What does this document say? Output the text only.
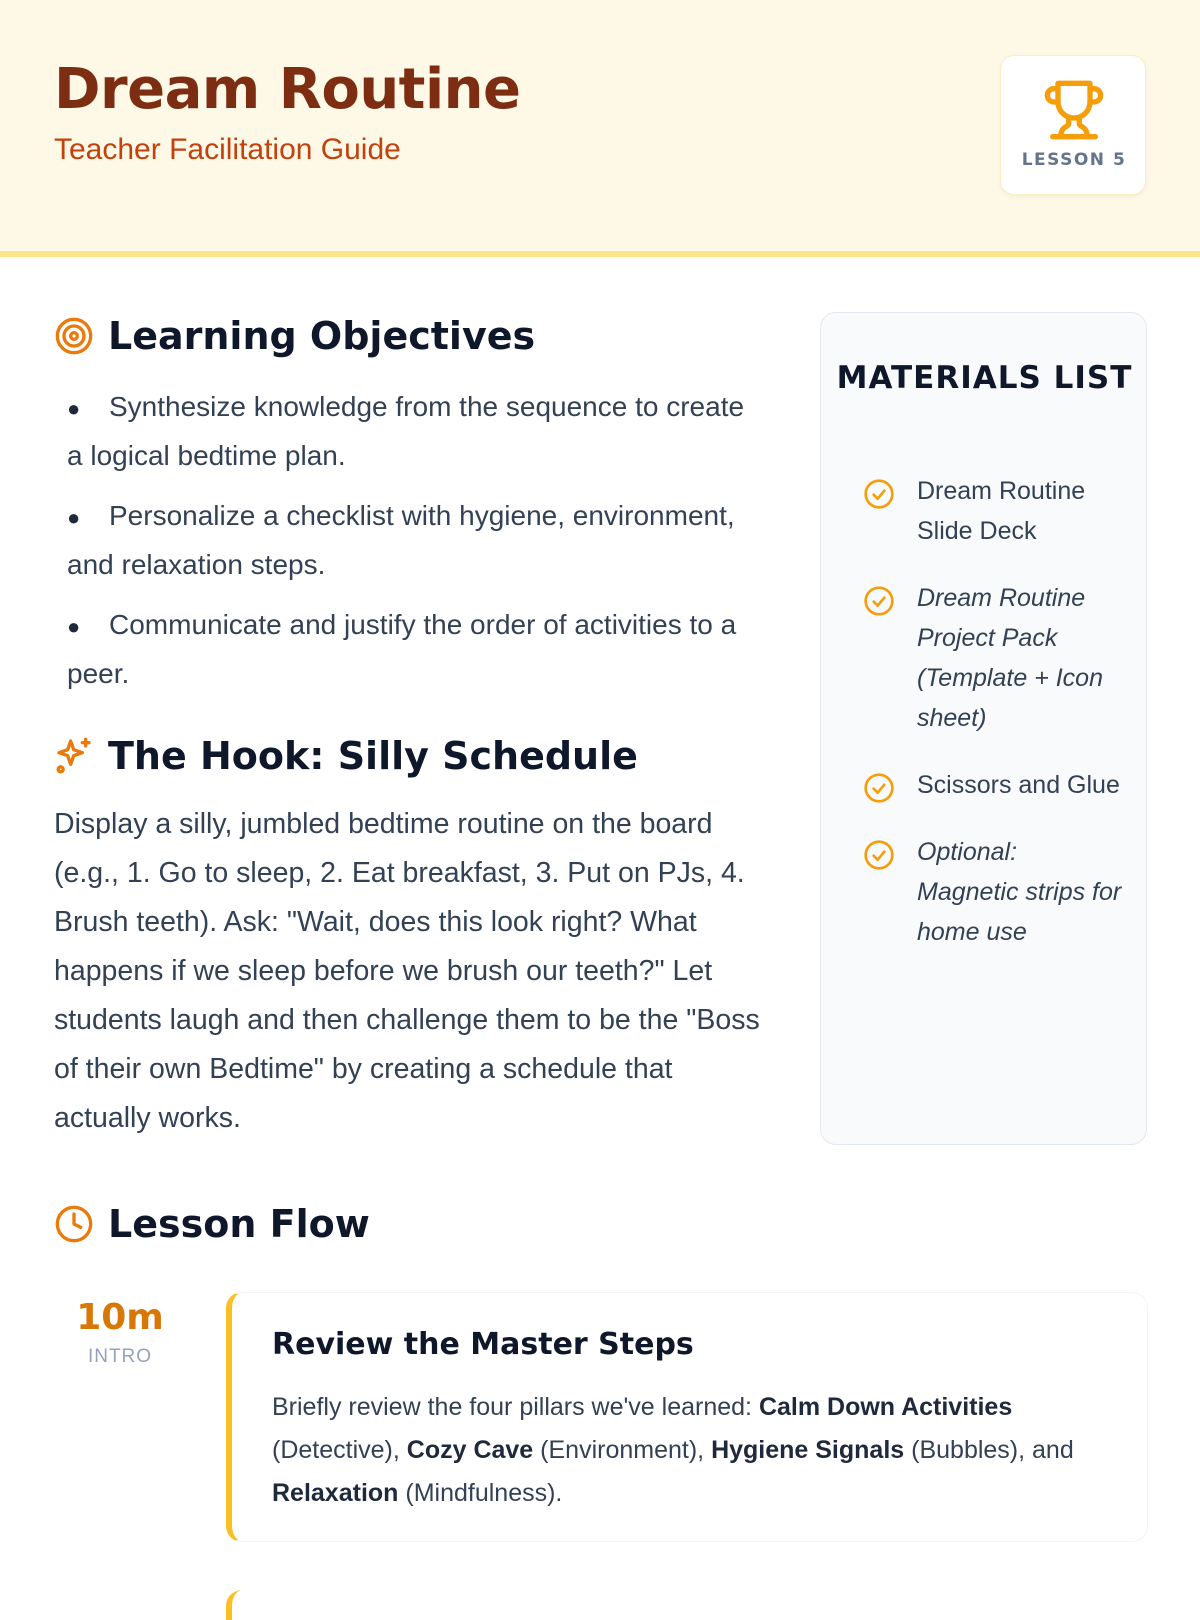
Dream Routine
Teacher Facilitation Guide	LESSON 5
Learning Objectives
● Synthesize knowledge from the sequence to create a logical bedtime plan.
● Personalize a checklist with hygiene, environment, and relaxation steps.
● Communicate and justify the order of activities to a peer.
The Hook: Silly Schedule

Display a silly, jumbled bedtime routine on the board (e.g., 1. Go to sleep, 2. Eat breakfast, 3. Put on PJs, 4. Brush teeth). Ask: "Wait, does this look right? What happens if we sleep before we brush our teeth?" Let students laugh and then challenge them to be the "Boss of their own Bedtime" by creating a schedule that actually works.

MATERIALS LIST
Dream Routine Slide Deck
Dream Routine Project Pack (Template + Icon sheet)
Scissors and Glue
Optional: Magnetic strips for home use
Lesson Flow
10m
INTRO	Review the Master Steps

Briefly review the four pillars we've learned: Calm Down Activities (Detective), Cozy Cave (Environment), Hygiene Signals (Bubbles), and Relaxation (Mindfulness).
